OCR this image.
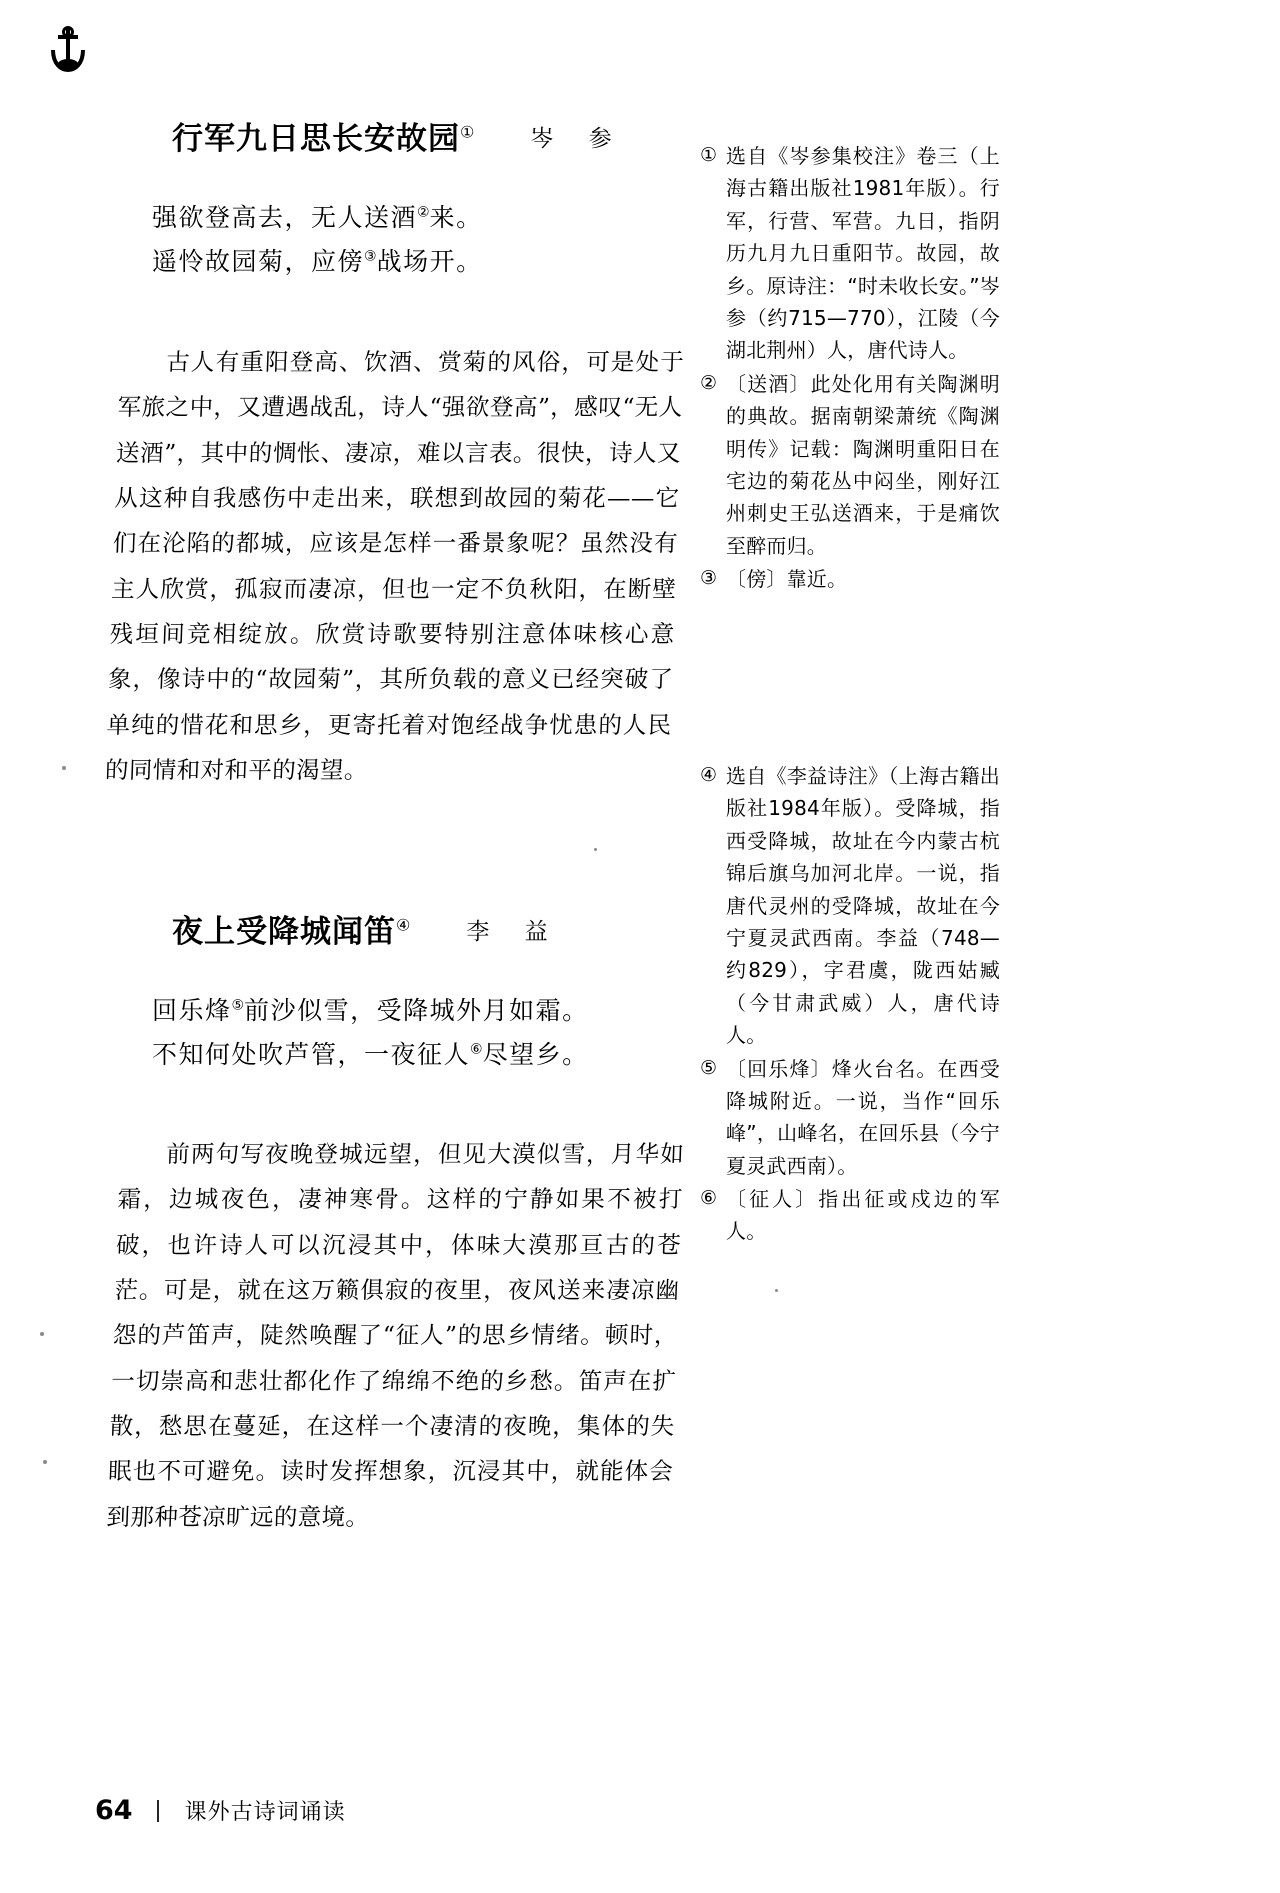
行军九日思长安故园① 岑 参
强欲登高去，无人送酒②来。
遥怜故园菊，应傍③战场开。
古人有重阳登高、饮酒、赏菊的风俗，可是处于军旅之中，又遭遇战乱，诗人“强欲登高”，感叹“无人送酒”，其中的惆怅、凄凉，难以言表。很快，诗人又从这种自我感伤中走出来，联想到故园的菊花——它们在沦陷的都城，应该是怎样一番景象呢？虽然没有主人欣赏，孤寂而凄凉，但也一定不负秋阳，在断壁残垣间竞相绽放。欣赏诗歌要特别注意体味核心意象，像诗中的“故园菊”，其所负载的意义已经突破了单纯的惜花和思乡，更寄托着对饱经战争忧患的人民的同情和对和平的渴望。
夜上受降城闻笛④ 李 益
回乐烽⑤前沙似雪，受降城外月如霜。
不知何处吹芦管，一夜征人⑥尽望乡。
前两句写夜晚登城远望，但见大漠似雪，月华如霜，边城夜色，凄神寒骨。这样的宁静如果不被打破，也许诗人可以沉浸其中，体味大漠那亘古的苍茫。可是，就在这万籁俱寂的夜里，夜风送来凄凉幽怨的芦笛声，陡然唤醒了“征人”的思乡情绪。顿时，一切崇高和悲壮都化作了绵绵不绝的乡愁。笛声在扩散，愁思在蔓延，在这样一个凄清的夜晚，集体的失眠也不可避免。读时发挥想象，沉浸其中，就能体会到那种苍凉旷远的意境。
① 选自《岑参集校注》卷三（上海古籍出版社1981年版）。行军，行营、军营。九日，指阴历九月九日重阳节。故园，故乡。原诗注：“时未收长安。”岑参（约715—770），江陵（今湖北荆州）人，唐代诗人。
② 〔送酒〕此处化用有关陶渊明的典故。据南朝梁萧统《陶渊明传》记载：陶渊明重阳日在宅边的菊花丛中闷坐，刚好江州刺史王弘送酒来，于是痛饮至醉而归。
③ 〔傍〕靠近。
④ 选自《李益诗注》（上海古籍出版社1984年版）。受降城，指西受降城，故址在今内蒙古杭锦后旗乌加河北岸。一说，指唐代灵州的受降城，故址在今宁夏灵武西南。李益（748—约829），字君虞，陇西姑臧（今甘肃武威）人，唐代诗人。
⑤ 〔回乐烽〕烽火台名。在西受降城附近。一说，当作“回乐峰”，山峰名，在回乐县（今宁夏灵武西南）。
⑥ 〔征人〕指出征或戍边的军人。
64 课外古诗词诵读
